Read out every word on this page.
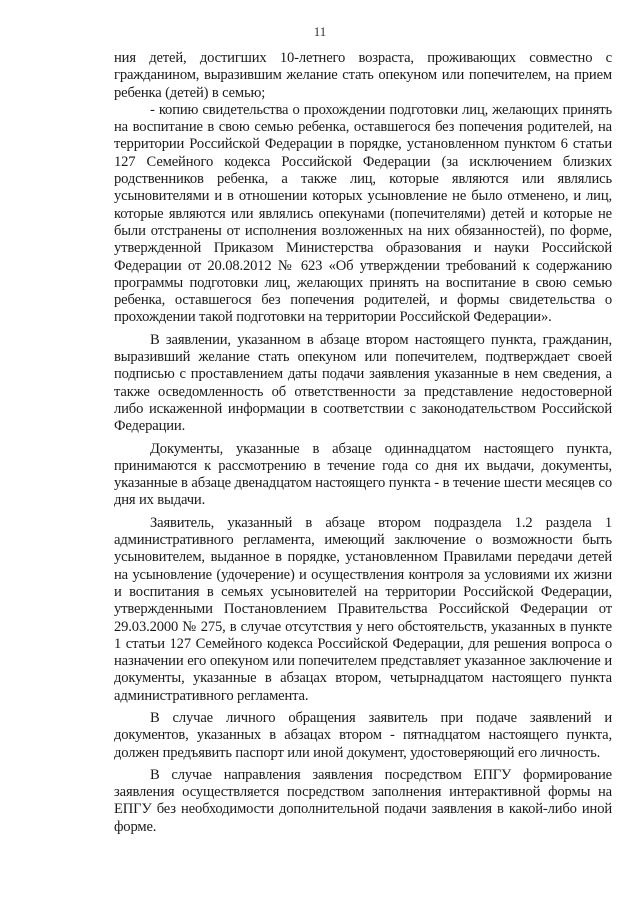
11

ния детей, достигших 10-летнего возраста, проживающих совместно с гражданином, выразившим желание стать опекуном или попечителем, на прием ребенка (детей) в семью;

- копию свидетельства о прохождении подготовки лиц, желающих принять на воспитание в свою семью ребенка, оставшегося без попечения родителей, на территории Российской Федерации в порядке, установленном пунктом 6 статьи 127 Семейного кодекса Российской Федерации (за исключением близких родственников ребенка, а также лиц, которые являются или являлись усыновителями и в отношении которых усыновление не было отменено, и лиц, которые являются или являлись опекунами (попечителями) детей и которые не были отстранены от исполнения возложенных на них обязанностей), по форме, утвержденной Приказом Министерства образования и науки Российской Федерации от 20.08.2012 № 623 «Об утверждении требований к содержанию программы подготовки лиц, желающих принять на воспитание в свою семью ребенка, оставшегося без попечения родителей, и формы свидетельства о прохождении такой подготовки на территории Российской Федерации».

В заявлении, указанном в абзаце втором настоящего пункта, гражданин, выразивший желание стать опекуном или попечителем, подтверждает своей подписью с проставлением даты подачи заявления указанные в нем сведения, а также осведомленность об ответственности за представление недостоверной либо искаженной информации в соответствии с законодательством Российской Федерации.

Документы, указанные в абзаце одиннадцатом настоящего пункта, принимаются к рассмотрению в течение года со дня их выдачи, документы, указанные в абзаце двенадцатом настоящего пункта - в течение шести месяцев со дня их выдачи.

Заявитель, указанный в абзаце втором подраздела 1.2 раздела 1 административного регламента, имеющий заключение о возможности быть усыновителем, выданное в порядке, установленном Правилами передачи детей на усыновление (удочерение) и осуществления контроля за условиями их жизни и воспитания в семьях усыновителей на территории Российской Федерации, утвержденными Постановлением Правительства Российской Федерации от 29.03.2000 № 275, в случае отсутствия у него обстоятельств, указанных в пункте 1 статьи 127 Семейного кодекса Российской Федерации, для решения вопроса о назначении его опекуном или попечителем представляет указанное заключение и документы, указанные в абзацах втором, четырнадцатом настоящего пункта административного регламента.

В случае личного обращения заявитель при подаче заявлений и документов, указанных в абзацах втором - пятнадцатом настоящего пункта, должен предъявить паспорт или иной документ, удостоверяющий его личность.

В случае направления заявления посредством ЕПГУ формирование заявления осуществляется посредством заполнения интерактивной формы на ЕПГУ без необходимости дополнительной подачи заявления в какой-либо иной форме.
